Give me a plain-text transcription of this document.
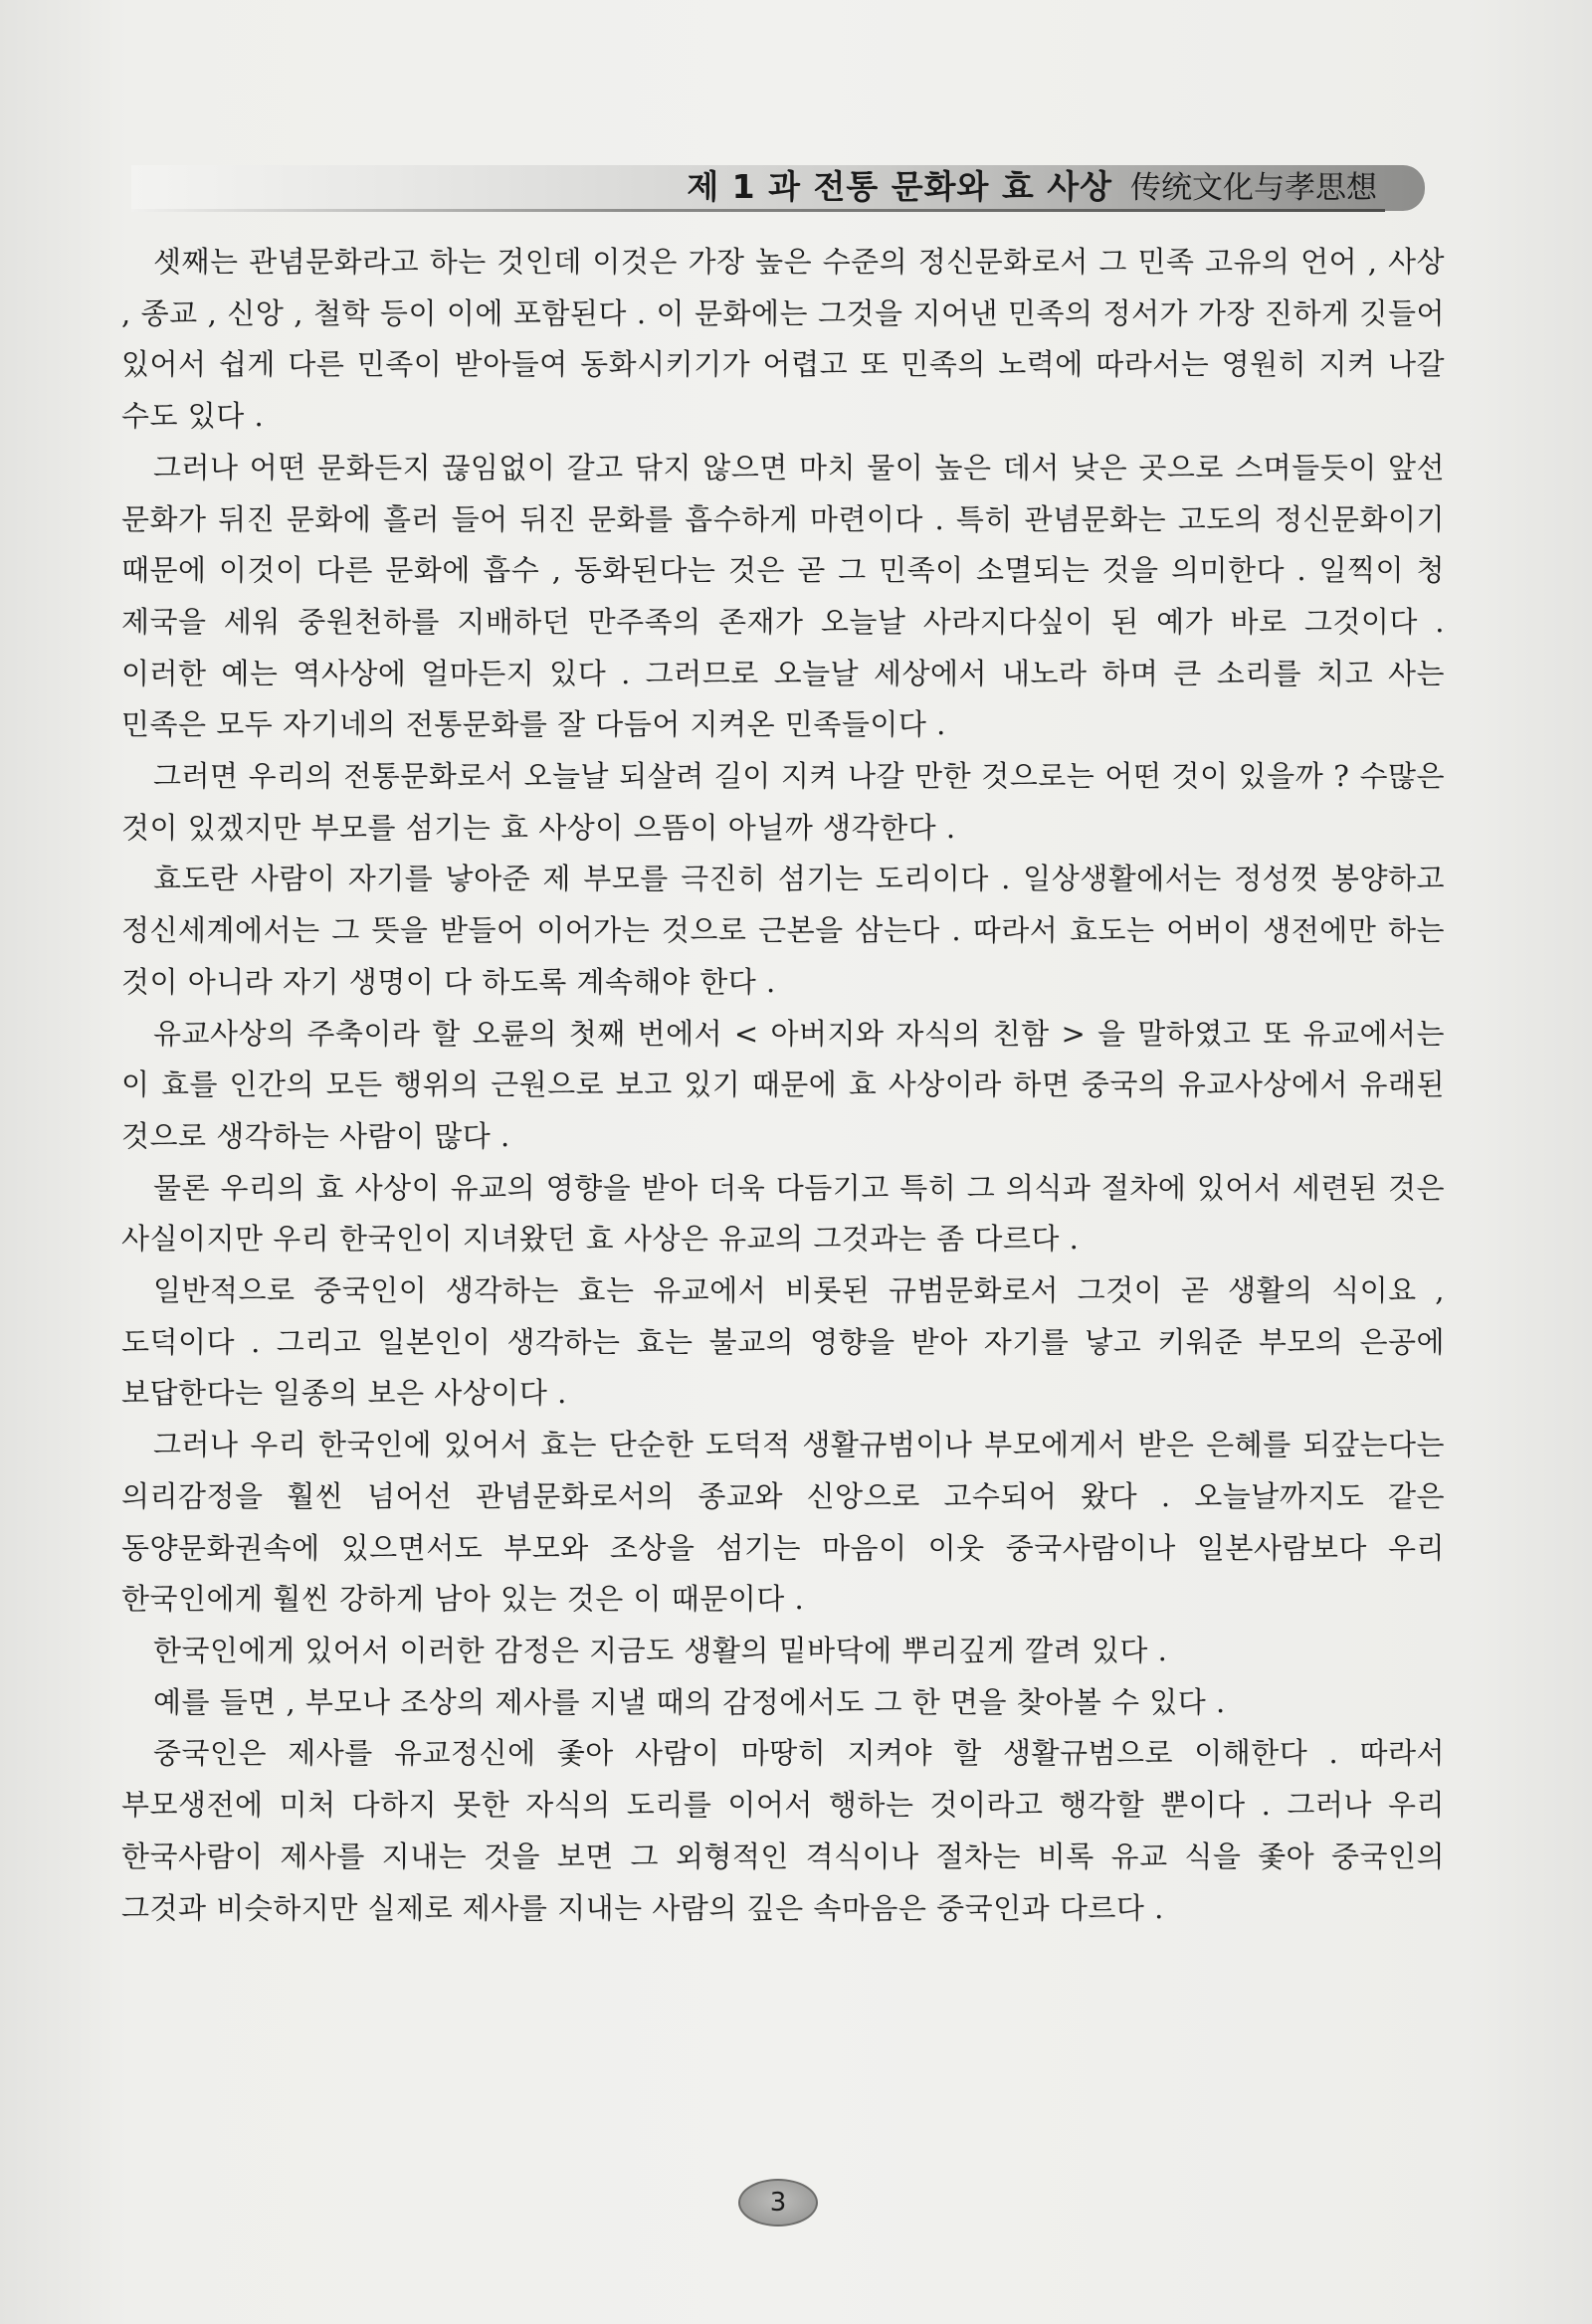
제 1 과 전통 문화와 효 사상 传统文化与孝思想

셋째는 관념문화라고 하는 것인데 이것은 가장 높은 수준의 정신문화로서 그 민족 고유의 언어 , 사상 , 종교 , 신앙 , 철학 등이 이에 포함된다 . 이 문화에는 그것을 지어낸 민족의 정서가 가장 진하게 깃들어 있어서 쉽게 다른 민족이 받아들여 동화시키기가 어렵고 또 민족의 노력에 따라서는 영원히 지켜 나갈 수도 있다 .

그러나 어떤 문화든지 끊임없이 갈고 닦지 않으면 마치 물이 높은 데서 낮은 곳으로 스며들듯이 앞선 문화가 뒤진 문화에 흘러 들어 뒤진 문화를 흡수하게 마련이다 . 특히 관념문화는 고도의 정신문화이기 때문에 이것이 다른 문화에 흡수 , 동화된다는 것은 곧 그 민족이 소멸되는 것을 의미한다 . 일찍이 청 제국을 세워 중원천하를 지배하던 만주족의 존재가 오늘날 사라지다싶이 된 예가 바로 그것이다 . 이러한 예는 역사상에 얼마든지 있다 . 그러므로 오늘날 세상에서 내노라 하며 큰 소리를 치고 사는 민족은 모두 자기네의 전통문화를 잘 다듬어 지켜온 민족들이다 .

그러면 우리의 전통문화로서 오늘날 되살려 길이 지켜 나갈 만한 것으로는 어떤 것이 있을까 ? 수많은 것이 있겠지만 부모를 섬기는 효 사상이 으뜸이 아닐까 생각한다 .

효도란 사람이 자기를 낳아준 제 부모를 극진히 섬기는 도리이다 . 일상생활에서는 정성껏 봉양하고 정신세계에서는 그 뜻을 받들어 이어가는 것으로 근본을 삼는다 . 따라서 효도는 어버이 생전에만 하는 것이 아니라 자기 생명이 다 하도록 계속해야 한다 .

유교사상의 주축이라 할 오륜의 첫째 번에서 < 아버지와 자식의 친함 > 을 말하였고 또 유교에서는 이 효를 인간의 모든 행위의 근원으로 보고 있기 때문에 효 사상이라 하면 중국의 유교사상에서 유래된 것으로 생각하는 사람이 많다 .

물론 우리의 효 사상이 유교의 영향을 받아 더욱 다듬기고 특히 그 의식과 절차에 있어서 세련된 것은 사실이지만 우리 한국인이 지녀왔던 효 사상은 유교의 그것과는 좀 다르다 .

일반적으로 중국인이 생각하는 효는 유교에서 비롯된 규범문화로서 그것이 곧 생활의 식이요 , 도덕이다 . 그리고 일본인이 생각하는 효는 불교의 영향을 받아 자기를 낳고 키워준 부모의 은공에 보답한다는 일종의 보은 사상이다 .

그러나 우리 한국인에 있어서 효는 단순한 도덕적 생활규범이나 부모에게서 받은 은혜를 되갚는다는 의리감정을 훨씬 넘어선 관념문화로서의 종교와 신앙으로 고수되어 왔다 . 오늘날까지도 같은 동양문화권속에 있으면서도 부모와 조상을 섬기는 마음이 이웃 중국사람이나 일본사람보다 우리 한국인에게 훨씬 강하게 남아 있는 것은 이 때문이다 .

한국인에게 있어서 이러한 감정은 지금도 생활의 밑바닥에 뿌리깊게 깔려 있다 .

예를 들면 , 부모나 조상의 제사를 지낼 때의 감정에서도 그 한 면을 찾아볼 수 있다 .

중국인은 제사를 유교정신에 좇아 사람이 마땅히 지켜야 할 생활규범으로 이해한다 . 따라서 부모생전에 미처 다하지 못한 자식의 도리를 이어서 행하는 것이라고 행각할 뿐이다 . 그러나 우리 한국사람이 제사를 지내는 것을 보면 그 외형적인 격식이나 절차는 비록 유교 식을 좇아 중국인의 그것과 비슷하지만 실제로 제사를 지내는 사람의 깊은 속마음은 중국인과 다르다 .

3
